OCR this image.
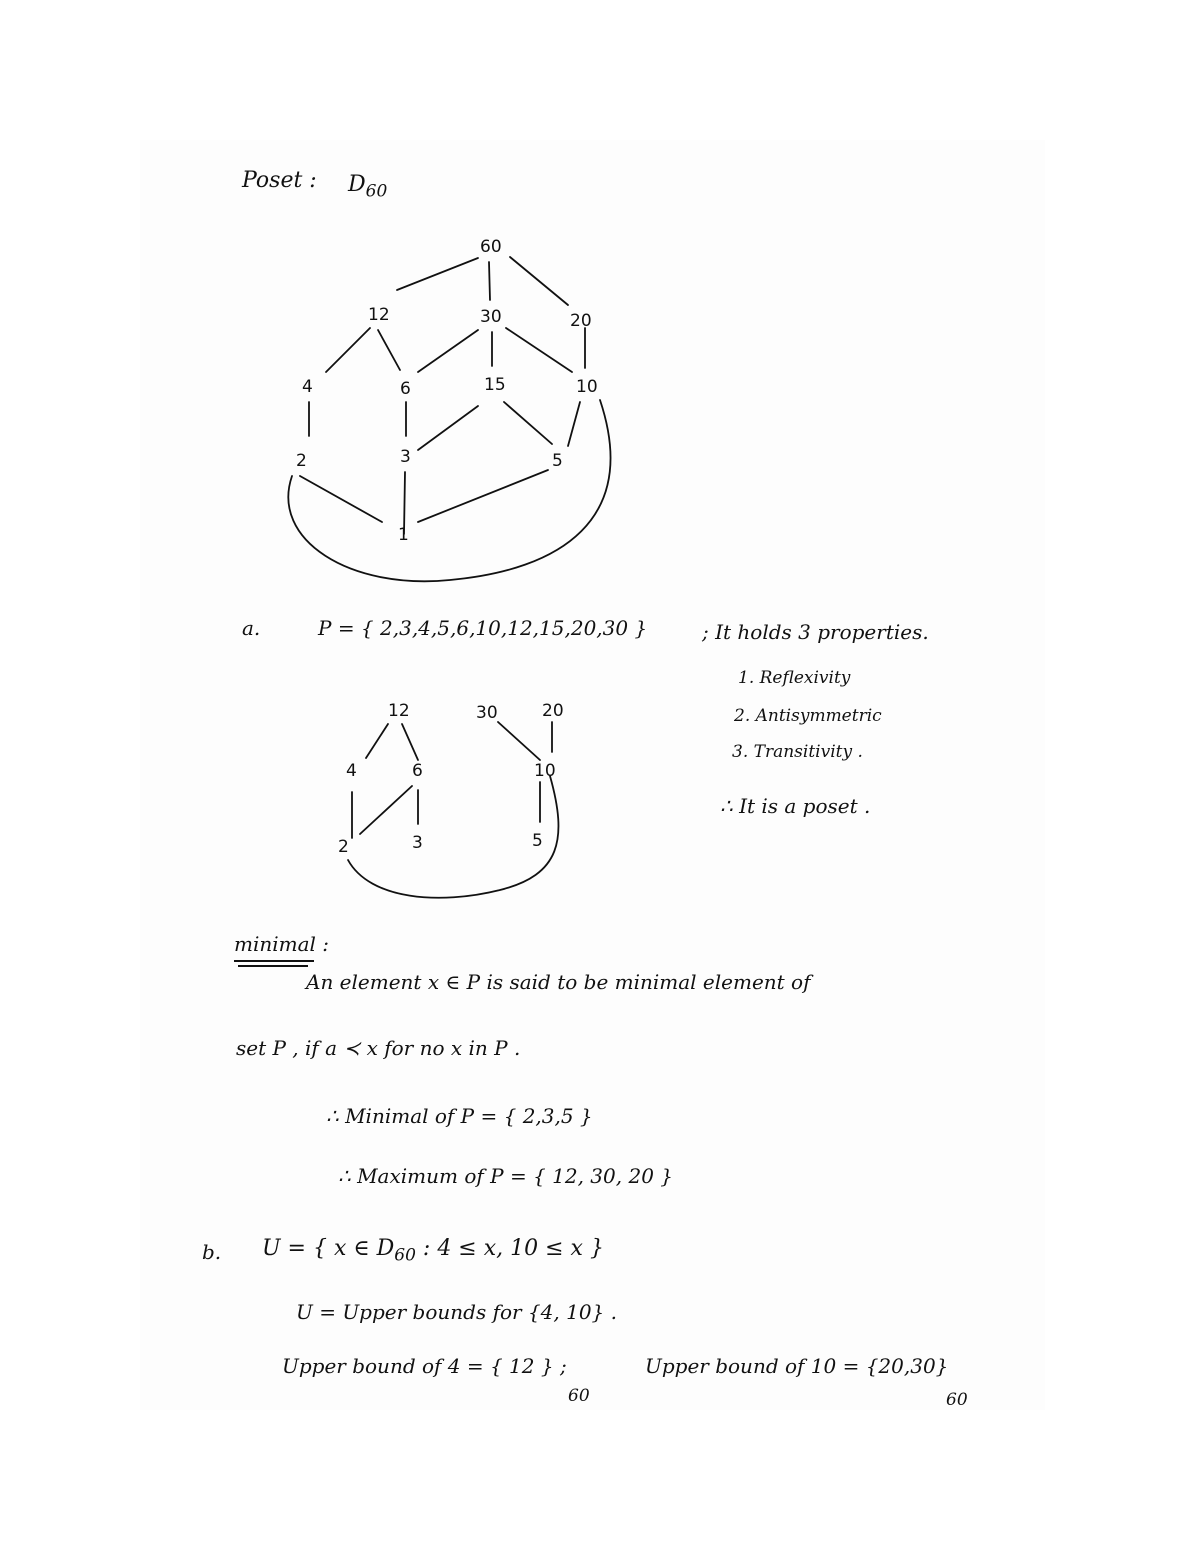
Poset : $D_{60}$
60
12	30	20
4	6	15	10
2	3	5
1
a.	P = { 2,3,4,5,6,10,12,15,20,30 }	; It holds 3 properties.
1. Reflexivity
2. Antisymmetric
3. Transitivity .
∴ It is a poset .
12	30	20
4	6	10
2	3	5
minimal :
An element x ∈ P is said to be minimal element of
set P , if a ≺ x for no x in P .
∴ Minimal of P = { 2,3,5 }
∴ Maximum of P = { 12, 30, 20 }
b. U = { x ∈ $D_{60}$ : 4 ≤ x, 10 ≤ x }
U = Upper bounds for {4, 10} .
Upper bound of 4 = { 12 } ;
60
Upper bound of 10 = {20,30}
60
